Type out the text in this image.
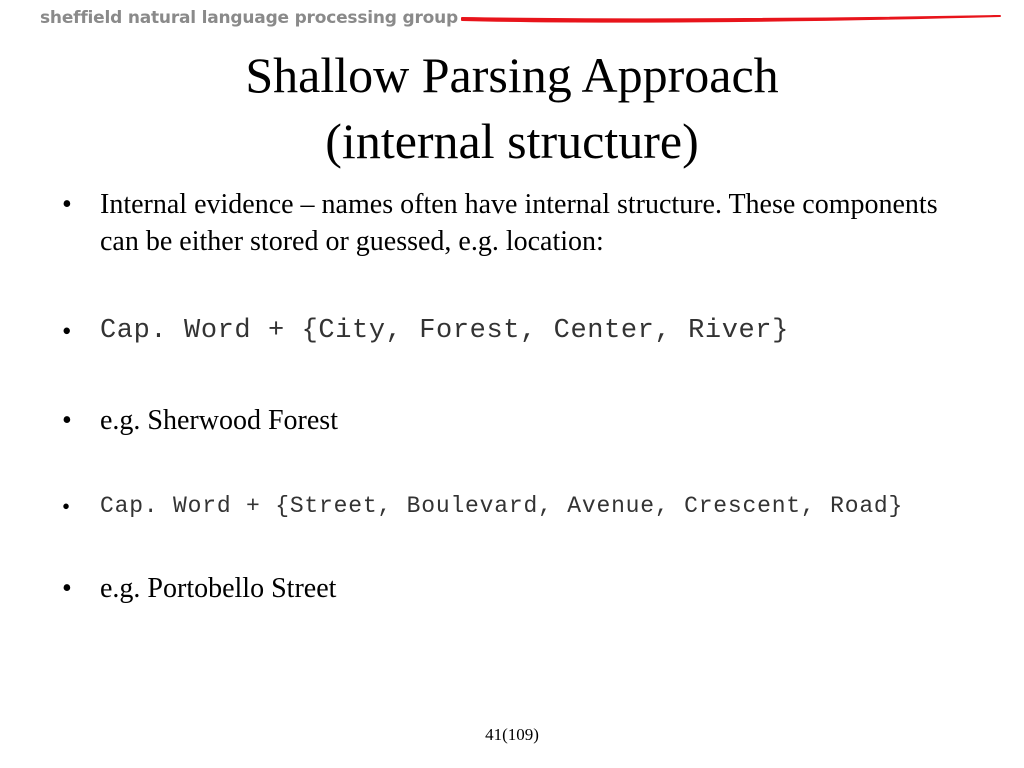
sheffield natural language processing group
Shallow Parsing Approach
(internal structure)
• Internal evidence – names often have internal structure. These components can be either stored or guessed, e.g. location:
• Cap. Word + {City, Forest, Center, River}
• e.g. Sherwood Forest
• Cap. Word + {Street, Boulevard, Avenue, Crescent, Road}
• e.g. Portobello Street
41(109)
